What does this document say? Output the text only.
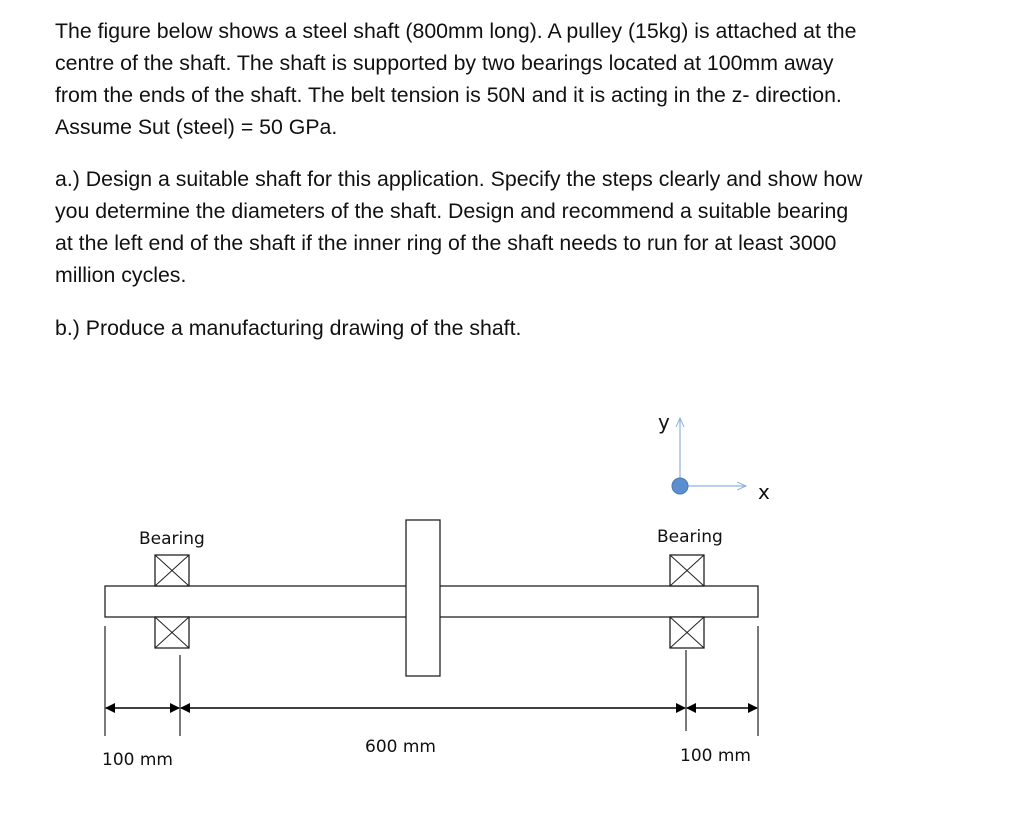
The figure below shows a steel shaft (800mm long). A pulley (15kg) is attached at the
centre of the shaft. The shaft is supported by two bearings located at 100mm away
from the ends of the shaft. The belt tension is 50N and it is acting in the z- direction.
Assume Sut (steel) = 50 GPa.
a.) Design a suitable shaft for this application. Specify the steps clearly and show how
you determine the diameters of the shaft. Design and recommend a suitable bearing
at the left end of the shaft if the inner ring of the shaft needs to run for at least 3000
million cycles.
b.) Produce a manufacturing drawing of the shaft.
y
x
Bearing	Bearing
100 mm
600 mm	100 mm
